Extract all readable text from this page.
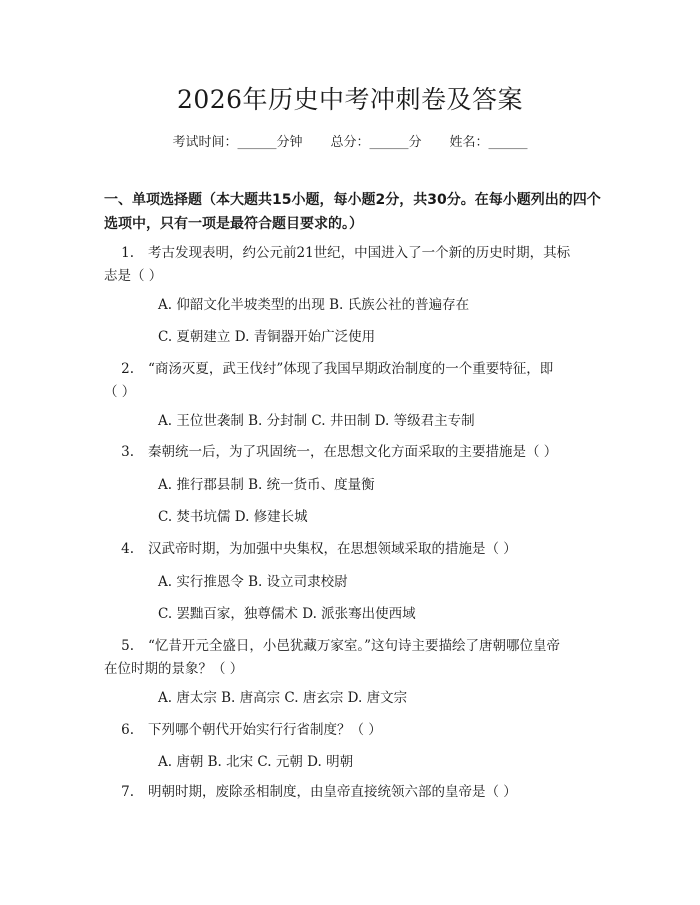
2026年历史中考冲刺卷及答案
考试时间：______分钟 总分：______分 姓名：______
一、单项选择题（本大题共15小题，每小题2分，共30分。在每小题列出的四个选项中，只有一项是最符合题目要求的。）
1. 考古发现表明，约公元前21世纪，中国进入了一个新的历史时期，其标
志是（ ）
A. 仰韶文化半坡类型的出现 B. 氏族公社的普遍存在
C. 夏朝建立 D. 青铜器开始广泛使用
2. “商汤灭夏，武王伐纣”体现了我国早期政治制度的一个重要特征，即
（ ）
A. 王位世袭制 B. 分封制 C. 井田制 D. 等级君主专制
3. 秦朝统一后，为了巩固统一，在思想文化方面采取的主要措施是（ ）
A. 推行郡县制 B. 统一货币、度量衡
C. 焚书坑儒 D. 修建长城
4. 汉武帝时期，为加强中央集权，在思想领域采取的措施是（ ）
A. 实行推恩令 B. 设立司隶校尉
C. 罢黜百家，独尊儒术 D. 派张骞出使西域
5. “忆昔开元全盛日，小邑犹藏万家室。”这句诗主要描绘了唐朝哪位皇帝
在位时期的景象？（ ）
A. 唐太宗 B. 唐高宗 C. 唐玄宗 D. 唐文宗
6. 下列哪个朝代开始实行行省制度？（ ）
A. 唐朝 B. 北宋 C. 元朝 D. 明朝
7. 明朝时期，废除丞相制度，由皇帝直接统领六部的皇帝是（ ）
